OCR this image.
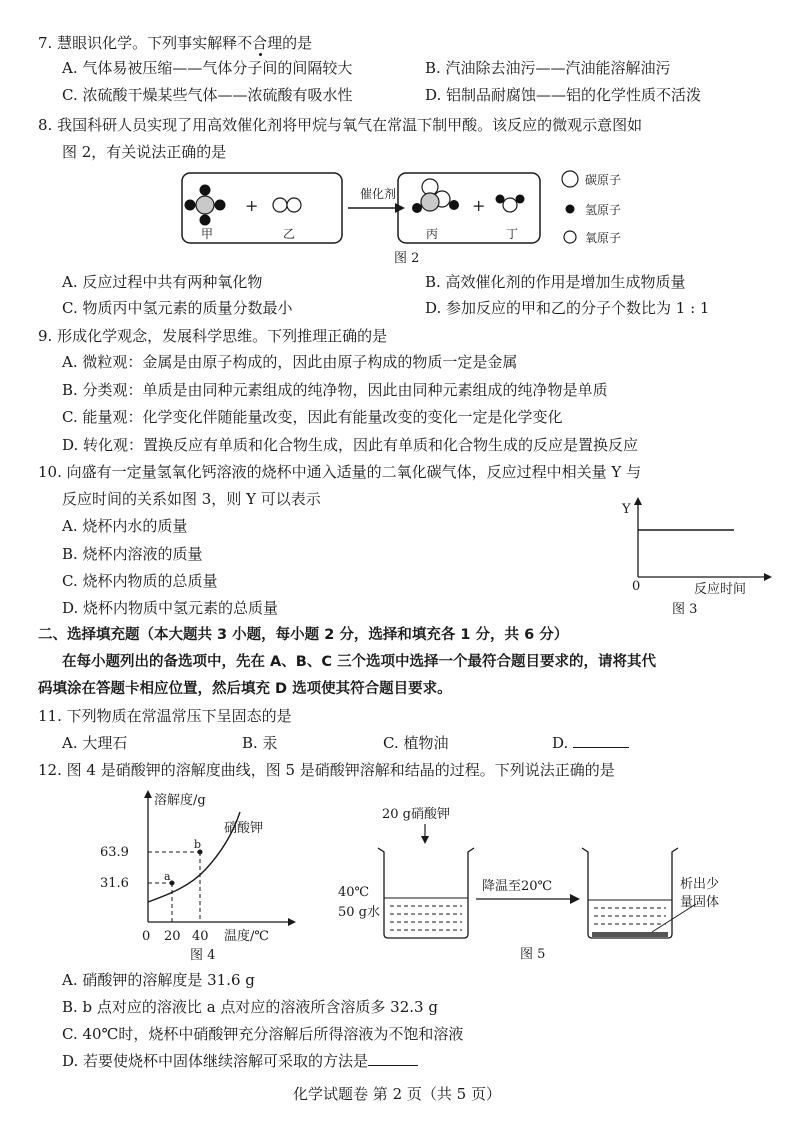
7. 慧眼识化学。下列事实解释不合理的是
A. 气体易被压缩——气体分子间的间隔较大	B. 汽油除去油污——汽油能溶解油污
C. 浓硫酸干燥某些气体——浓硫酸有吸水性	D. 铝制品耐腐蚀——铝的化学性质不活泼
8. 我国科研人员实现了用高效催化剂将甲烷与氧气在常温下制甲酸。该反应的微观示意图如
图 2，有关说法正确的是
+
甲	乙
催化剂
+
丙	丁
图 2
碳原子
氢原子
氧原子
A. 反应过程中共有两种氧化物	B. 高效催化剂的作用是增加生成物质量
C. 物质丙中氢元素的质量分数最小	D. 参加反应的甲和乙的分子个数比为 1 : 1
9. 形成化学观念，发展科学思维。下列推理正确的是
A. 微粒观：金属是由原子构成的，因此由原子构成的物质一定是金属
B. 分类观：单质是由同种元素组成的纯净物，因此由同种元素组成的纯净物是单质
C. 能量观：化学变化伴随能量改变，因此有能量改变的变化一定是化学变化
D. 转化观：置换反应有单质和化合物生成，因此有单质和化合物生成的反应是置换反应
10. 向盛有一定量氢氧化钙溶液的烧杯中通入适量的二氧化碳气体，反应过程中相关量 Y 与
反应时间的关系如图 3，则 Y 可以表示
A. 烧杯内水的质量
B. 烧杯内溶液的质量
C. 烧杯内物质的总质量
D. 烧杯内物质中氢元素的总质量
Y
0	反应时间
图 3
二、选择填充题（本大题共 3 小题，每小题 2 分，选择和填充各 1 分，共 6 分）
在每小题列出的备选项中，先在 A、B、C 三个选项中选择一个最符合题目要求的，请将其代
码填涂在答题卡相应位置，然后填充 D 选项使其符合题目要求。
11. 下列物质在常温常压下呈固态的是
A. 大理石	B. 汞	C. 植物油	D.
12. 图 4 是硝酸钾的溶解度曲线，图 5 是硝酸钾溶解和结晶的过程。下列说法正确的是
溶解度/g
硝酸钾
63.9
31.6	a
b
0 20 40 温度/℃
图 4
20 g硝酸钾
40℃
50 g水
降温至20℃	析出少
量固体
图 5
A. 硝酸钾的溶解度是 31.6 g
B. b 点对应的溶液比 a 点对应的溶液所含溶质多 32.3 g
C. 40℃时，烧杯中硝酸钾充分溶解后所得溶液为不饱和溶液
D. 若要使烧杯中固体继续溶解可采取的方法是
化学试题卷 第 2 页（共 5 页）
